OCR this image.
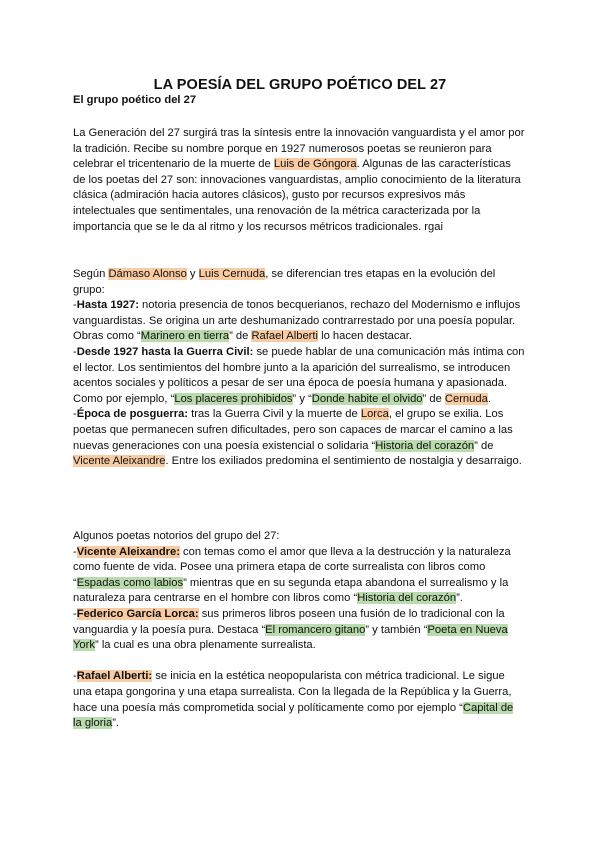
LA POESÍA DEL GRUPO POÉTICO DEL 27
El grupo poético del 27

La Generación del 27 surgirá tras la síntesis entre la innovación vanguardista y el amor por la tradición. Recibe su nombre porque en 1927 numerosos poetas se reunieron para celebrar el tricentenario de la muerte de Luis de Góngora. Algunas de las características de los poetas del 27 son: innovaciones vanguardistas, amplio conocimiento de la literatura clásica (admiración hacia autores clásicos), gusto por recursos expresivos más intelectuales que sentimentales, una renovación de la métrica caracterizada por la importancia que se le da al ritmo y los recursos métricos tradicionales. rgai

Según Dámaso Alonso y Luis Cernuda, se diferencian tres etapas en la evolución del grupo:

-Hasta 1927: notoria presencia de tonos becquerianos, rechazo del Modernismo e influjos vanguardistas. Se origina un arte deshumanizado contrarrestado por una poesía popular. Obras como “Marinero en tierra” de Rafael Alberti lo hacen destacar.

-Desde 1927 hasta la Guerra Civil: se puede hablar de una comunicación más íntima con el lector. Los sentimientos del hombre junto a la aparición del surrealismo, se introducen acentos sociales y políticos a pesar de ser una época de poesía humana y apasionada. Como por ejemplo, “Los placeres prohibidos” y “Donde habite el olvido” de Cernuda.

-Época de posguerra: tras la Guerra Civil y la muerte de Lorca, el grupo se exilia. Los poetas que permanecen sufren dificultades, pero son capaces de marcar el camino a las nuevas generaciones con una poesía existencial o solidaria “Historia del corazón” de Vicente Aleixandre. Entre los exiliados predomina el sentimiento de nostalgia y desarraigo.

Algunos poetas notorios del grupo del 27:

-Vicente Aleixandre: con temas como el amor que lleva a la destrucción y la naturaleza como fuente de vida. Posee una primera etapa de corte surrealista con libros como “Espadas como labios” mientras que en su segunda etapa abandona el surrealismo y la naturaleza para centrarse en el hombre con libros como “Historia del corazón”.

-Federico García Lorca: sus primeros libros poseen una fusión de lo tradicional con la vanguardia y la poesía pura. Destaca “El romancero gitano” y también “Poeta en Nueva York” la cual es una obra plenamente surrealista.

-Rafael Alberti: se inicia en la estética neopopularista con métrica tradicional. Le sigue una etapa gongorina y una etapa surrealista. Con la llegada de la República y la Guerra, hace una poesía más comprometida social y políticamente como por ejemplo “Capital de la gloria”.
